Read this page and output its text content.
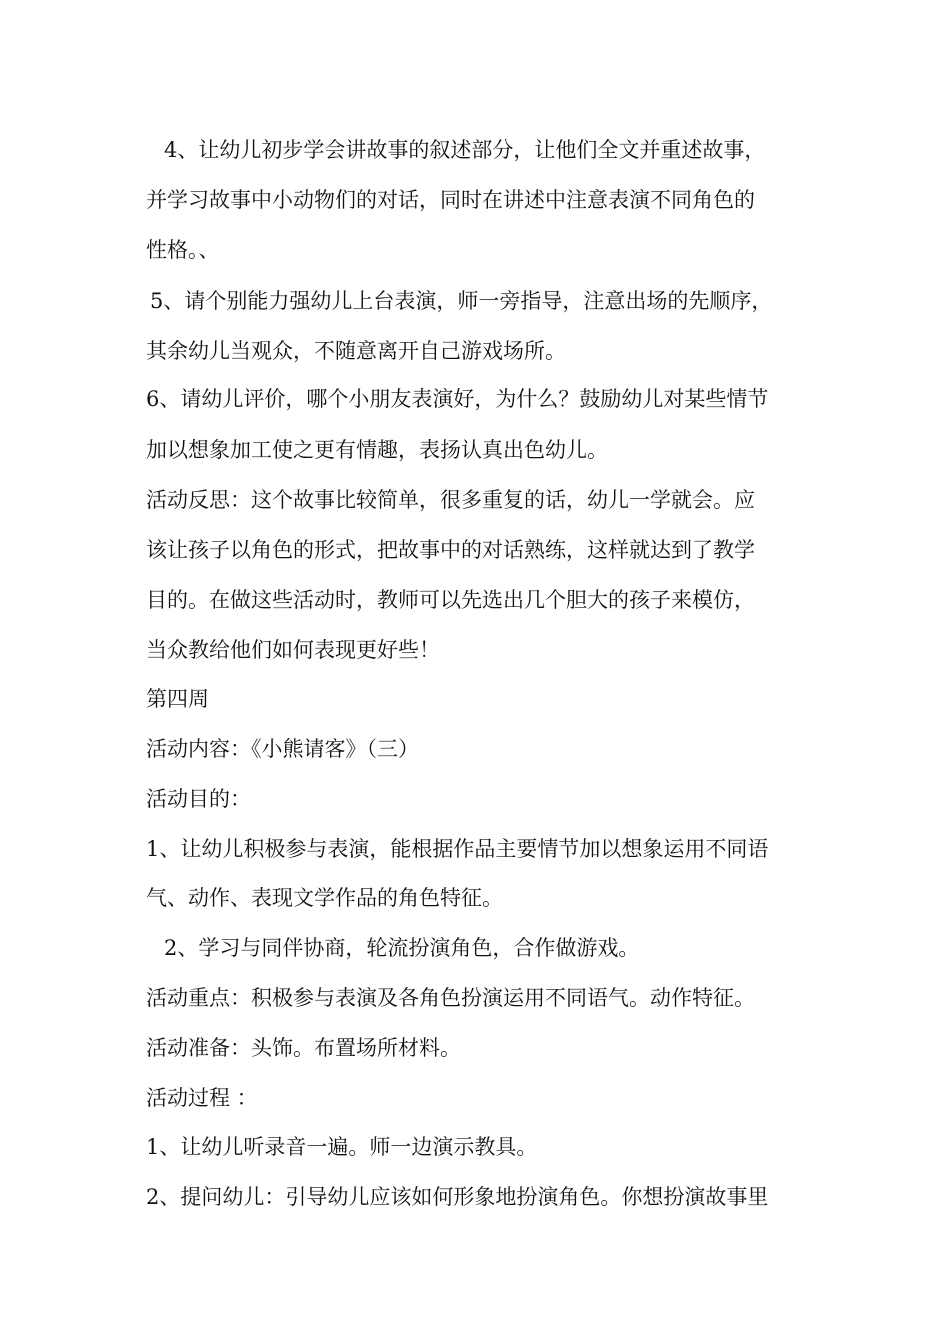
4、让幼儿初步学会讲故事的叙述部分，让他们全文并重述故事，
并学习故事中小动物们的对话，同时在讲述中注意表演不同角色的
性格。、
5、请个别能力强幼儿上台表演，师一旁指导，注意出场的先顺序，
其余幼儿当观众，不随意离开自己游戏场所。
6、请幼儿评价，哪个小朋友表演好，为什么？鼓励幼儿对某些情节
加以想象加工使之更有情趣，表扬认真出色幼儿。
活动反思：这个故事比较简单，很多重复的话，幼儿一学就会。应
该让孩子以角色的形式，把故事中的对话熟练，这样就达到了教学
目的。在做这些活动时，教师可以先选出几个胆大的孩子来模仿，
当众教给他们如何表现更好些！
第四周
活动内容：《小熊请客》（三）
活动目的：
1、让幼儿积极参与表演，能根据作品主要情节加以想象运用不同语
气、动作、表现文学作品的角色特征。
2、学习与同伴协商，轮流扮演角色，合作做游戏。
活动重点：积极参与表演及各角色扮演运用不同语气。动作特征。
活动准备：头饰。布置场所材料。
活动过程 ：
1、让幼儿听录音一遍。师一边演示教具。
2、提问幼儿：引导幼儿应该如何形象地扮演角色。你想扮演故事里
